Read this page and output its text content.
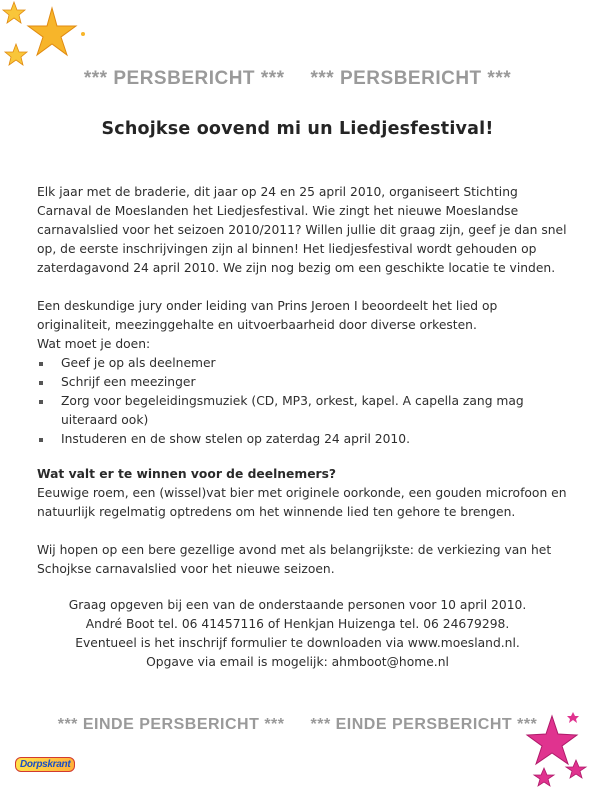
*** PERSBERICHT *** *** PERSBERICHT ***
Schojkse oovend mi un Liedjesfestival!

Elk jaar met de braderie, dit jaar op 24 en 25 april 2010, organiseert Stichting Carnaval de Moeslanden het Liedjesfestival. Wie zingt het nieuwe Moeslandse carnavalslied voor het seizoen 2010/2011? Willen jullie dit graag zijn, geef je dan snel op, de eerste inschrijvingen zijn al binnen! Het liedjesfestival wordt gehouden op zaterdagavond 24 april 2010. We zijn nog bezig om een geschikte locatie te vinden.

Een deskundige jury onder leiding van Prins Jeroen I beoordeelt het lied op originaliteit, meezinggehalte en uitvoerbaarheid door diverse orkesten.

Wat moet je doen:

Geef je op als deelnemer
Schrijf een meezinger
Zorg voor begeleidingsmuziek (CD, MP3, orkest, kapel. A capella zang mag uiteraard ook)
Instuderen en de show stelen op zaterdag 24 april 2010.

Wat valt er te winnen voor de deelnemers?

Eeuwige roem, een (wissel)vat bier met originele oorkonde, een gouden microfoon en natuurlijk regelmatig optredens om het winnende lied ten gehore te brengen.

Wij hopen op een bere gezellige avond met als belangrijkste: de verkiezing van het Schojkse carnavalslied voor het nieuwe seizoen.

Graag opgeven bij een van de onderstaande personen voor 10 april 2010.

André Boot tel. 06 41457116 of Henkjan Huizenga tel. 06 24679298.

Eventueel is het inschrijf formulier te downloaden via www.moesland.nl.

Opgave via email is mogelijk: ahmboot@home.nl

*** EINDE PERSBERICHT *** *** EINDE PERSBERICHT ***
Dorpskrant
